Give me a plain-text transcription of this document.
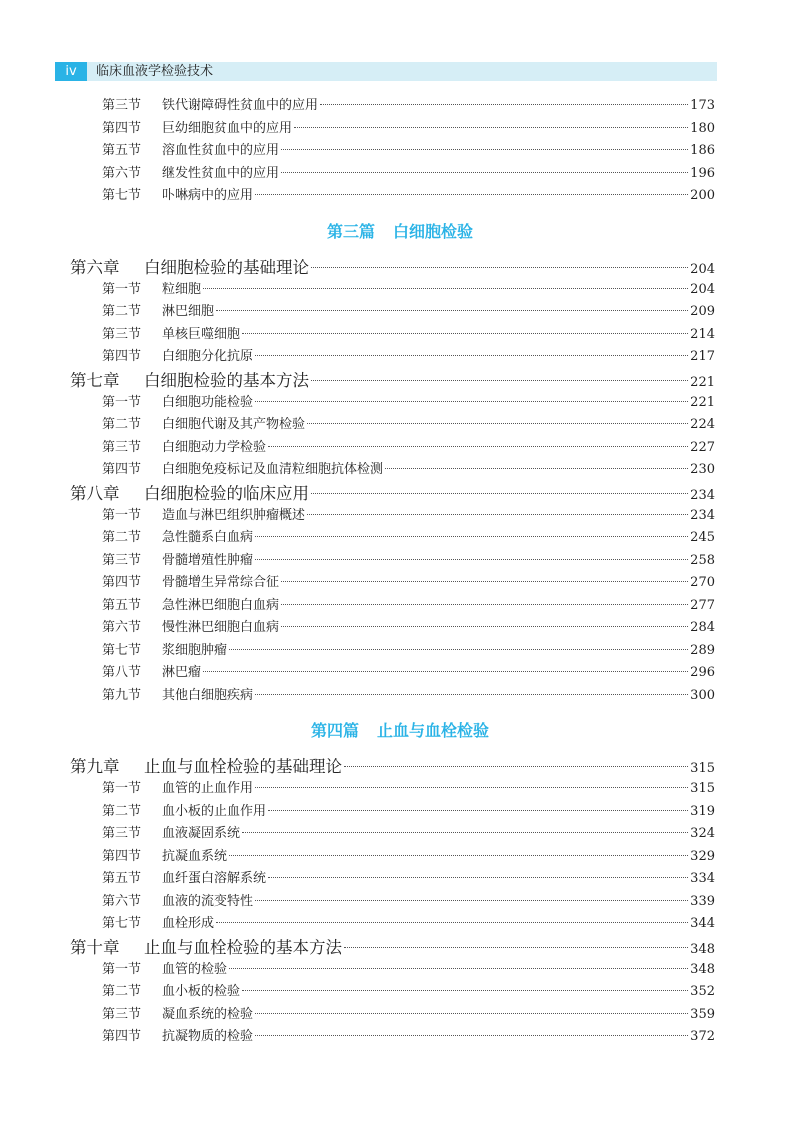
iv	临床血液学检验技术
第三节	铁代谢障碍性贫血中的应用	173
第四节	巨幼细胞贫血中的应用	180
第五节	溶血性贫血中的应用	186
第六节	继发性贫血中的应用	196
第七节	卟啉病中的应用	200
第三篇 白细胞检验
第六章	白细胞检验的基础理论	204
第一节	粒细胞	204
第二节	淋巴细胞	209
第三节	单核巨噬细胞	214
第四节	白细胞分化抗原	217
第七章	白细胞检验的基本方法	221
第一节	白细胞功能检验	221
第二节	白细胞代谢及其产物检验	224
第三节	白细胞动力学检验	227
第四节	白细胞免疫标记及血清粒细胞抗体检测	230
第八章	白细胞检验的临床应用	234
第一节	造血与淋巴组织肿瘤概述	234
第二节	急性髓系白血病	245
第三节	骨髓增殖性肿瘤	258
第四节	骨髓增生异常综合征	270
第五节	急性淋巴细胞白血病	277
第六节	慢性淋巴细胞白血病	284
第七节	浆细胞肿瘤	289
第八节	淋巴瘤	296
第九节	其他白细胞疾病	300
第四篇 止血与血栓检验
第九章	止血与血栓检验的基础理论	315
第一节	血管的止血作用	315
第二节	血小板的止血作用	319
第三节	血液凝固系统	324
第四节	抗凝血系统	329
第五节	血纤蛋白溶解系统	334
第六节	血液的流变特性	339
第七节	血栓形成	344
第十章	止血与血栓检验的基本方法	348
第一节	血管的检验	348
第二节	血小板的检验	352
第三节	凝血系统的检验	359
第四节	抗凝物质的检验	372
